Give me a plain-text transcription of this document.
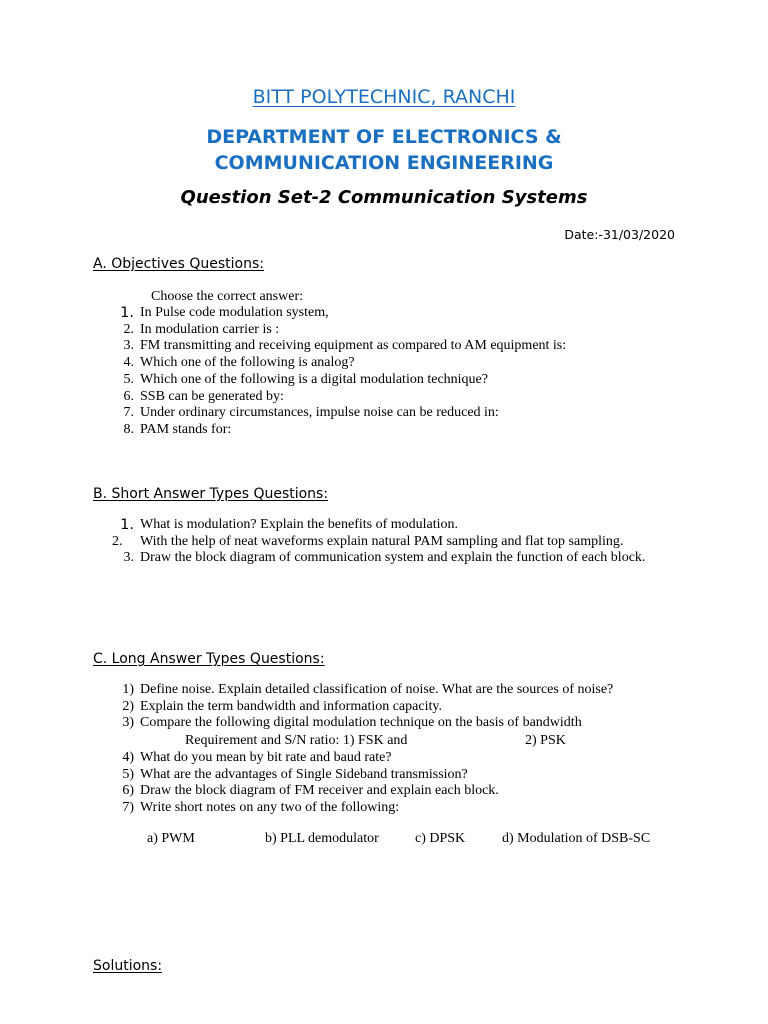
BITT POLYTECHNIC, RANCHI
DEPARTMENT OF ELECTRONICS &
COMMUNICATION ENGINEERING
Question Set-2 Communication Systems
Date:-31/03/2020
A. Objectives Questions:
Choose the correct answer:
1. In Pulse code modulation system,
2. In modulation carrier is :
3. FM transmitting and receiving equipment as compared to AM equipment is:
4. Which one of the following is analog?
5. Which one of the following is a digital modulation technique?
6. SSB can be generated by:
7. Under ordinary circumstances, impulse noise can be reduced in:
8. PAM stands for:
B. Short Answer Types Questions:
1. What is modulation? Explain the benefits of modulation.
2.	With the help of neat waveforms explain natural PAM sampling and flat top sampling.
3. Draw the block diagram of communication system and explain the function of each block.
C. Long Answer Types Questions:
1) Define noise. Explain detailed classification of noise. What are the sources of noise?
2) Explain the term bandwidth and information capacity.
3) Compare the following digital modulation technique on the basis of bandwidth
Requirement and S/N ratio: 1) FSK and	2) PSK
4) What do you mean by bit rate and baud rate?
5) What are the advantages of Single Sideband transmission?
6) Draw the block diagram of FM receiver and explain each block.
7) Write short notes on any two of the following:
a) PWM	b) PLL demodulator	c) DPSK	d) Modulation of DSB-SC
Solutions:
